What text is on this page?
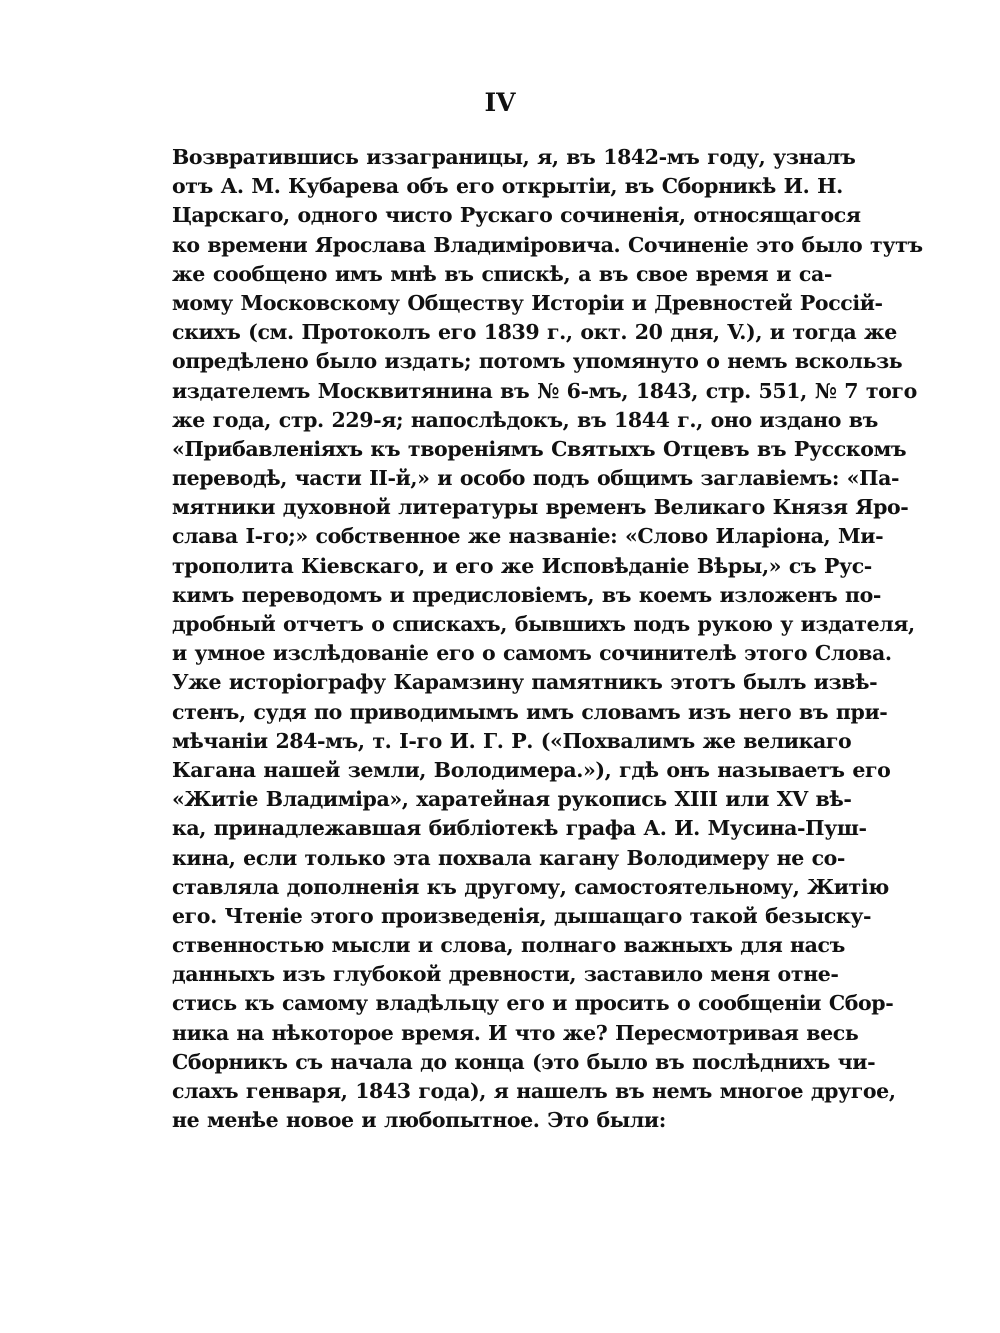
IV
Возвратившись иззаграницы, я, въ 1842-мъ году, узналъ
отъ А. М. Кубарева объ его открытіи, въ Сборникѣ И. Н.
Царскаго, одного чисто Рускаго сочиненія, относящагося
ко времени Ярослава Владиміровича. Сочиненіе это было тутъ
же сообщено имъ мнѣ въ спискѣ, а въ свое время и са-
мому Московскому Обществу Исторіи и Древностей Россій-
скихъ (см. Протоколъ его 1839 г., окт. 20 дня, V.), и тогда же
опредѣлено было издать; потомъ упомянуто о немъ вскользь
издателемъ Москвитянина въ № 6-мъ, 1843, стр. 551, № 7 того
же года, стр. 229-я; напослѣдокъ, въ 1844 г., оно издано въ
«Прибавленіяхъ къ твореніямъ Святыхъ Отцевъ въ Русскомъ
переводѣ, части II-й,» и особо подъ общимъ заглавіемъ: «Па-
мятники духовной литературы временъ Великаго Князя Яро-
слава I-го;» собственное же названіе: «Слово Иларіона, Ми-
трополита Кіевскаго, и его же Исповѣданіе Вѣры,» съ Рус-
кимъ переводомъ и предисловіемъ, въ коемъ изложенъ по-
дробный отчетъ о спискахъ, бывшихъ подъ рукою у издателя,
и умное изслѣдованіе его о самомъ сочинителѣ этого Слова.
Уже исторіографу Карамзину памятникъ этотъ былъ извѣ-
стенъ, судя по приводимымъ имъ словамъ изъ него въ при-
мѣчаніи 284-мъ, т. I-го И. Г. Р. («Похвалимъ же великаго
Кагана нашей земли, Володимера.»), гдѣ онъ называетъ его
«Житіе Владиміра», харатейная рукопись XIII или XV вѣ-
ка, принадлежавшая библіотекѣ графа А. И. Мусина-Пуш-
кина, если только эта похвала кагану Володимеру не со-
ставляла дополненія къ другому, самостоятельному, Житію
его. Чтеніе этого произведенія, дышащаго такой безыску-
ственностью мысли и слова, полнаго важныхъ для насъ
данныхъ изъ глубокой древности, заставило меня отне-
стись къ самому владѣльцу его и просить о сообщеніи Сбор-
ника на нѣкоторое время. И что же? Пересмотривая весь
Сборникъ съ начала до конца (это было въ послѣднихъ чи-
слахъ генваря, 1843 года), я нашелъ въ немъ многое другое,
не менѣе новое и любопытное. Это были:
